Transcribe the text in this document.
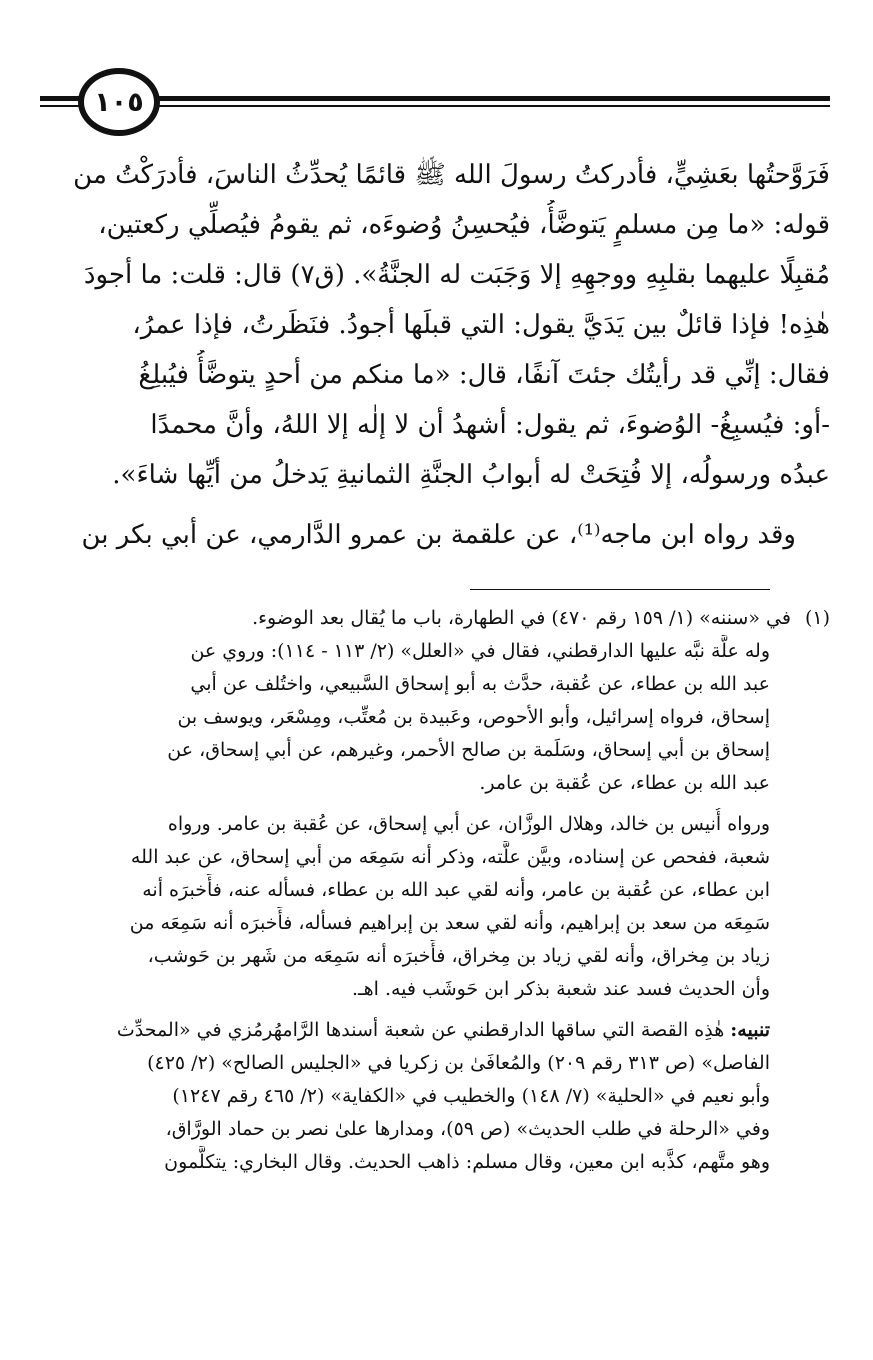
١٠٥
فَرَوَّحتُها بعَشِيٍّ، فأدركتُ رسولَ الله ﷺ قائمًا يُحدِّثُ الناسَ، فأدرَكْتُ من
قوله: «ما مِن مسلمٍ يَتوضَّأُ، فيُحسِنُ وُضوءَه، ثم يقومُ فيُصلِّي ركعتين،
مُقبِلًا عليهما بقلبِهِ ووجهِهِ إلا وَجَبَت له الجنَّةُ». (ق٧) قال: قلت: ما أجودَ
هٰذِه! فإذا قائلٌ بين يَدَيَّ يقول: التي قبلَها أجودُ. فنَظَرتُ، فإذا عمرُ،
فقال: إنِّي قد رأيتُك جئتَ آنفًا، قال: «ما منكم من أحدٍ يتوضَّأُ فيُبلِغُ
-أو: فيُسبِغُ- الوُضوءَ، ثم يقول: أشهدُ أن لا إلٰه إلا اللهُ، وأنَّ محمدًا
عبدُه ورسولُه، إلا فُتِحَتْ له أبوابُ الجنَّةِ الثمانيةِ يَدخلُ من أيِّها شاءَ».
وقد رواه ابن ماجه⁽¹⁾، عن علقمة بن عمرو الدَّارمي، عن أبي بكر بن
(١)في «سننه» (١/ ١٥٩ رقم ٤٧٠) في الطهارة، باب ما يُقال بعد الوضوء.
وله علَّة نبَّه عليها الدارقطني، فقال في «العلل» (٢/ ١١٣ - ١١٤): وروي عن
عبد الله بن عطاء، عن عُقبة، حدَّث به أبو إسحاق السَّبيعي، واختُلف عن أبي
إسحاق، فرواه إسرائيل، وأبو الأحوص، وعَبيدة بن مُعتِّب، ومِسْعَر، ويوسف بن
إسحاق بن أبي إسحاق، وسَلَمة بن صالح الأحمر، وغيرهم، عن أبي إسحاق، عن
عبد الله بن عطاء، عن عُقبة بن عامر.
ورواه أُنيس بن خالد، وهلال الوزَّان، عن أبي إسحاق، عن عُقبة بن عامر. ورواه
شعبة، ففحص عن إسناده، وبيَّن علَّته، وذكر أنه سَمِعَه من أبي إسحاق، عن عبد الله
ابن عطاء، عن عُقبة بن عامر، وأنه لقي عبد الله بن عطاء، فسأله عنه، فأَخبرَه أنه
سَمِعَه من سعد بن إبراهيم، وأنه لقي سعد بن إبراهيم فسأله، فأَخبرَه أنه سَمِعَه من
زياد بن مِخراق، وأنه لقي زياد بن مِخراق، فأَخبرَه أنه سَمِعَه من شَهر بن حَوشب،
وأن الحديث فسد عند شعبة بذكر ابن حَوشَب فيه. اهـ.
تنبيه: هٰذِه القصة التي ساقها الدارقطني عن شعبة أسندها الرَّامهُرمُزي في «المحدِّث
الفاصل» (ص ٣١٣ رقم ٢٠٩) والمُعافَىٰ بن زكريا في «الجليس الصالح» (٢/ ٤٢٥)
وأبو نعيم في «الحلية» (٧/ ١٤٨) والخطيب في «الكفاية» (٢/ ٤٦٥ رقم ١٢٤٧)
وفي «الرحلة في طلب الحديث» (ص ٥٩)، ومدارها علىٰ نصر بن حماد الورَّاق،
وهو متَّهم، كذَّبه ابن معين، وقال مسلم: ذاهب الحديث. وقال البخاري: يتكلَّمون
